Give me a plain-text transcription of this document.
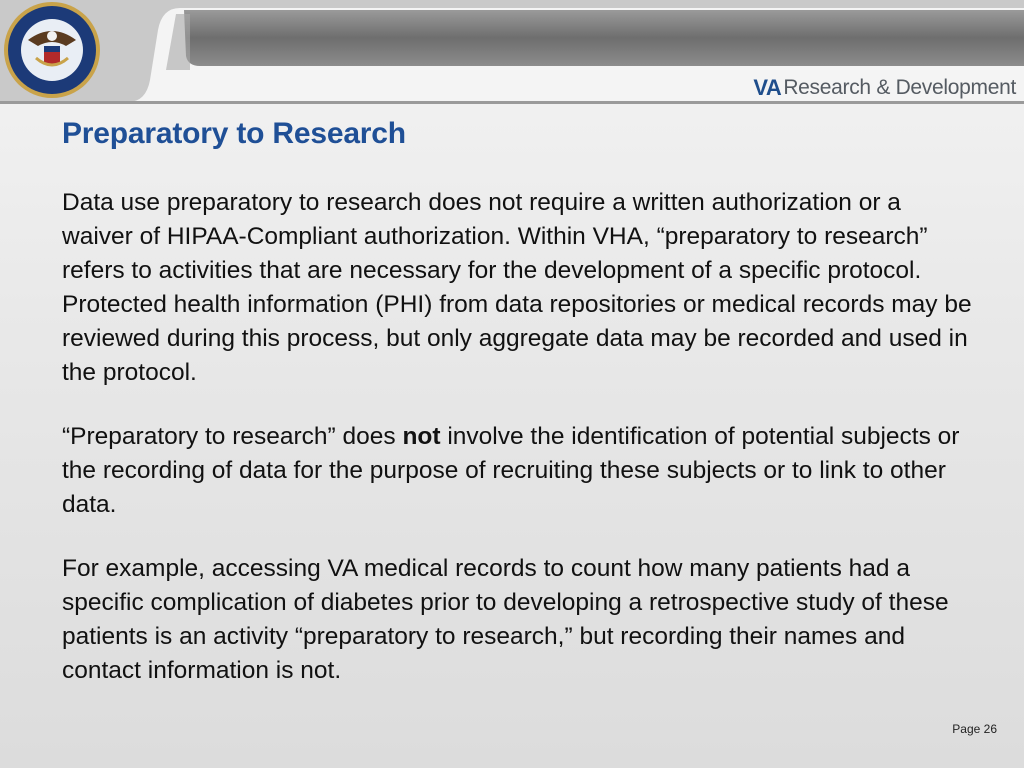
VA Research & Development
Preparatory to Research

Data use preparatory to research does not require a written authorization or a waiver of HIPAA-Compliant authorization. Within VHA, “preparatory to research” refers to activities that are necessary for the development of a specific protocol. Protected health information (PHI) from data repositories or medical records may be reviewed during this process, but only aggregate data may be recorded and used in the protocol.

“Preparatory to research” does not involve the identification of potential subjects or the recording of data for the purpose of recruiting these subjects or to link to other data.

For example, accessing VA medical records to count how many patients had a specific complication of diabetes prior to developing a retrospective study of these patients is an activity “preparatory to research,” but recording their names and contact information is not.

Page 26
